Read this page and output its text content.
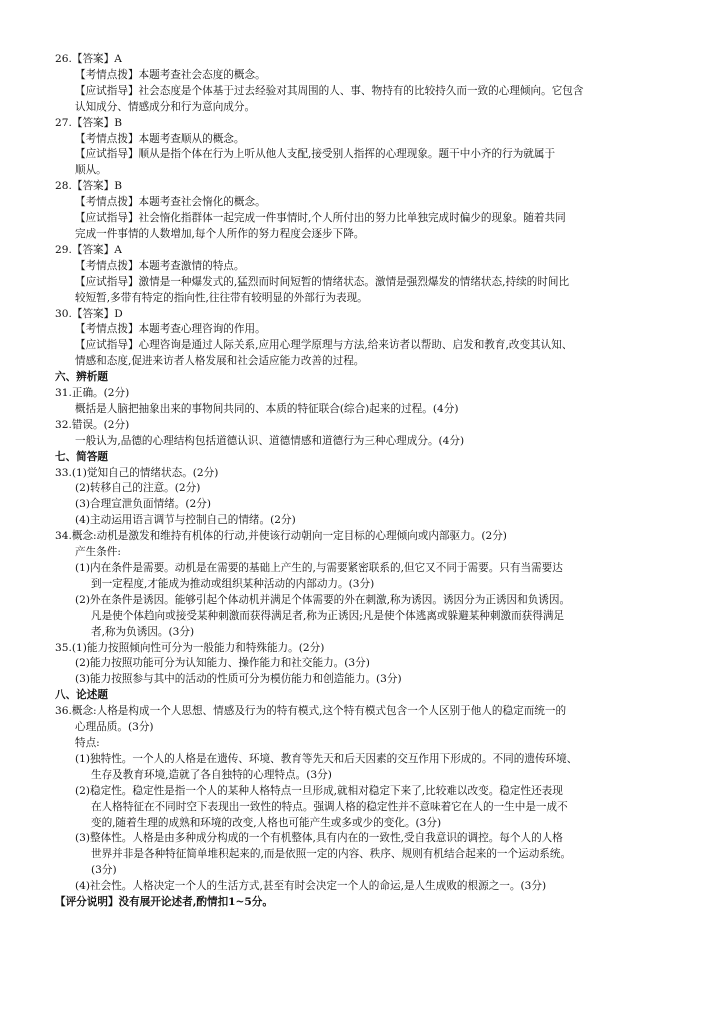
26.【答案】A
【考情点拨】本题考查社会态度的概念。
【应试指导】社会态度是个体基于过去经验对其周围的人、事、物持有的比较持久而一致的心理倾向。它包含
认知成分、情感成分和行为意向成分。
27.【答案】B
【考情点拨】本题考查顺从的概念。
【应试指导】顺从是指个体在行为上听从他人支配,接受别人指挥的心理现象。题干中小齐的行为就属于
顺从。
28.【答案】B
【考情点拨】本题考查社会惰化的概念。
【应试指导】社会惰化指群体一起完成一件事情时,个人所付出的努力比单独完成时偏少的现象。随着共同
完成一件事情的人数增加,每个人所作的努力程度会逐步下降。
29.【答案】A
【考情点拨】本题考查激情的特点。
【应试指导】激情是一种爆发式的,猛烈而时间短暂的情绪状态。激情是强烈爆发的情绪状态,持续的时间比
较短暂,多带有特定的指向性,往往带有较明显的外部行为表现。
30.【答案】D
【考情点拨】本题考查心理咨询的作用。
【应试指导】心理咨询是通过人际关系,应用心理学原理与方法,给来访者以帮助、启发和教育,改变其认知、
情感和态度,促进来访者人格发展和社会适应能力改善的过程。
六、辨析题
31.正确。(2分)
概括是人脑把抽象出来的事物间共同的、本质的特征联合(综合)起来的过程。(4分)
32.错误。(2分)
一般认为,品德的心理结构包括道德认识、道德情感和道德行为三种心理成分。(4分)
七、简答题
33.(1)觉知自己的情绪状态。(2分)
(2)转移自己的注意。(2分)
(3)合理宣泄负面情绪。(2分)
(4)主动运用语言调节与控制自己的情绪。(2分)
34.概念:动机是激发和维持有机体的行动,并使该行动朝向一定目标的心理倾向或内部驱力。(2分)
产生条件:
(1)内在条件是需要。动机是在需要的基础上产生的,与需要紧密联系的,但它又不同于需要。只有当需要达
到一定程度,才能成为推动或组织某种活动的内部动力。(3分)
(2)外在条件是诱因。能够引起个体动机并满足个体需要的外在刺激,称为诱因。诱因分为正诱因和负诱因。
凡是使个体趋向或接受某种刺激而获得满足者,称为正诱因;凡是使个体逃离或躲避某种刺激而获得满足
者,称为负诱因。(3分)
35.(1)能力按照倾向性可分为一般能力和特殊能力。(2分)
(2)能力按照功能可分为认知能力、操作能力和社交能力。(3分)
(3)能力按照参与其中的活动的性质可分为模仿能力和创造能力。(3分)
八、论述题
36.概念:人格是构成一个人思想、情感及行为的特有模式,这个特有模式包含一个人区别于他人的稳定而统一的
心理品质。(3分)
特点:
(1)独特性。一个人的人格是在遗传、环境、教育等先天和后天因素的交互作用下形成的。不同的遗传环境、
生存及教育环境,造就了各自独特的心理特点。(3分)
(2)稳定性。稳定性是指一个人的某种人格特点一旦形成,就相对稳定下来了,比较难以改变。稳定性还表现
在人格特征在不同时空下表现出一致性的特点。强调人格的稳定性并不意味着它在人的一生中是一成不
变的,随着生理的成熟和环境的改变,人格也可能产生或多或少的变化。(3分)
(3)整体性。人格是由多种成分构成的一个有机整体,具有内在的一致性,受自我意识的调控。每个人的人格
世界并非是各种特征简单堆积起来的,而是依照一定的内容、秩序、规则有机结合起来的一个运动系统。
(3分)
(4)社会性。人格决定一个人的生活方式,甚至有时会决定一个人的命运,是人生成败的根源之一。(3分)
【评分说明】没有展开论述者,酌情扣1~5分。
